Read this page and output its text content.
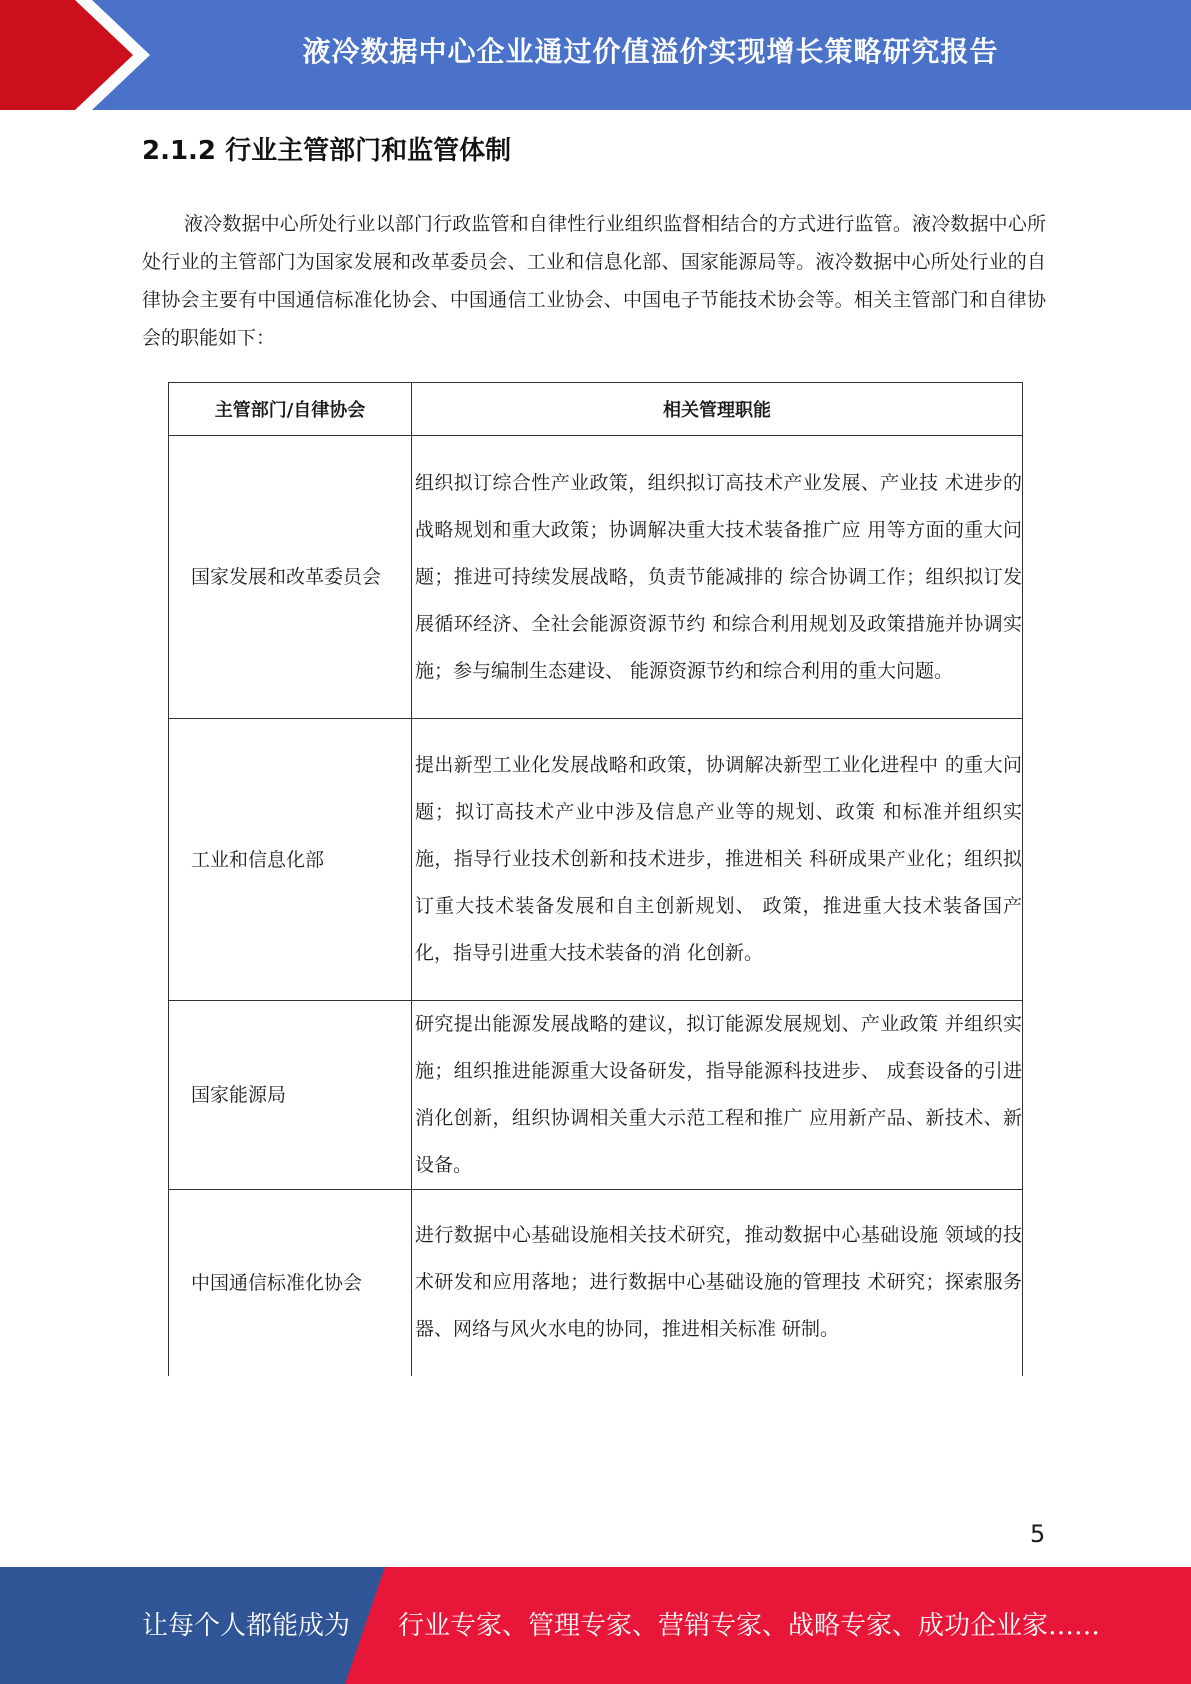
液冷数据中心企业通过价值溢价实现增长策略研究报告
2.1.2 行业主管部门和监管体制

液冷数据中心所处行业以部门行政监管和自律性行业组织监督相结合的方式进行监管。液冷数据中心所处行业的主管部门为国家发展和改革委员会、工业和信息化部、国家能源局等。液冷数据中心所处行业的自律协会主要有中国通信标准化协会、中国通信工业协会、中国电子节能技术协会等。相关主管部门和自律协会的职能如下：

主管部门/自律协会	相关管理职能
国家发展和改革委员会	组织拟订综合性产业政策，组织拟订高技术产业发展、产业技 术进步的战略规划和重大政策；协调解决重大技术装备推广应 用等方面的重大问题；推进可持续发展战略，负责节能减排的 综合协调工作；组织拟订发展循环经济、全社会能源资源节约 和综合利用规划及政策措施并协调实施；参与编制生态建设、 能源资源节约和综合利用的重大问题。
工业和信息化部	提出新型工业化发展战略和政策，协调解决新型工业化进程中 的重大问题；拟订高技术产业中涉及信息产业等的规划、政策 和标准并组织实施，指导行业技术创新和技术进步，推进相关 科研成果产业化；组织拟订重大技术装备发展和自主创新规划、 政策，推进重大技术装备国产化，指导引进重大技术装备的消 化创新。
国家能源局	研究提出能源发展战略的建议，拟订能源发展规划、产业政策 并组织实施；组织推进能源重大设备研发，指导能源科技进步、 成套设备的引进消化创新，组织协调相关重大示范工程和推广 应用新产品、新技术、新设备。
中国通信标准化协会	进行数据中心基础设施相关技术研究，推动数据中心基础设施 领域的技术研发和应用落地；进行数据中心基础设施的管理技 术研究；探索服务器、网络与风火水电的协同，推进相关标准 研制。
5
让每个人都能成为 行业专家、管理专家、营销专家、战略专家、成功企业家……
